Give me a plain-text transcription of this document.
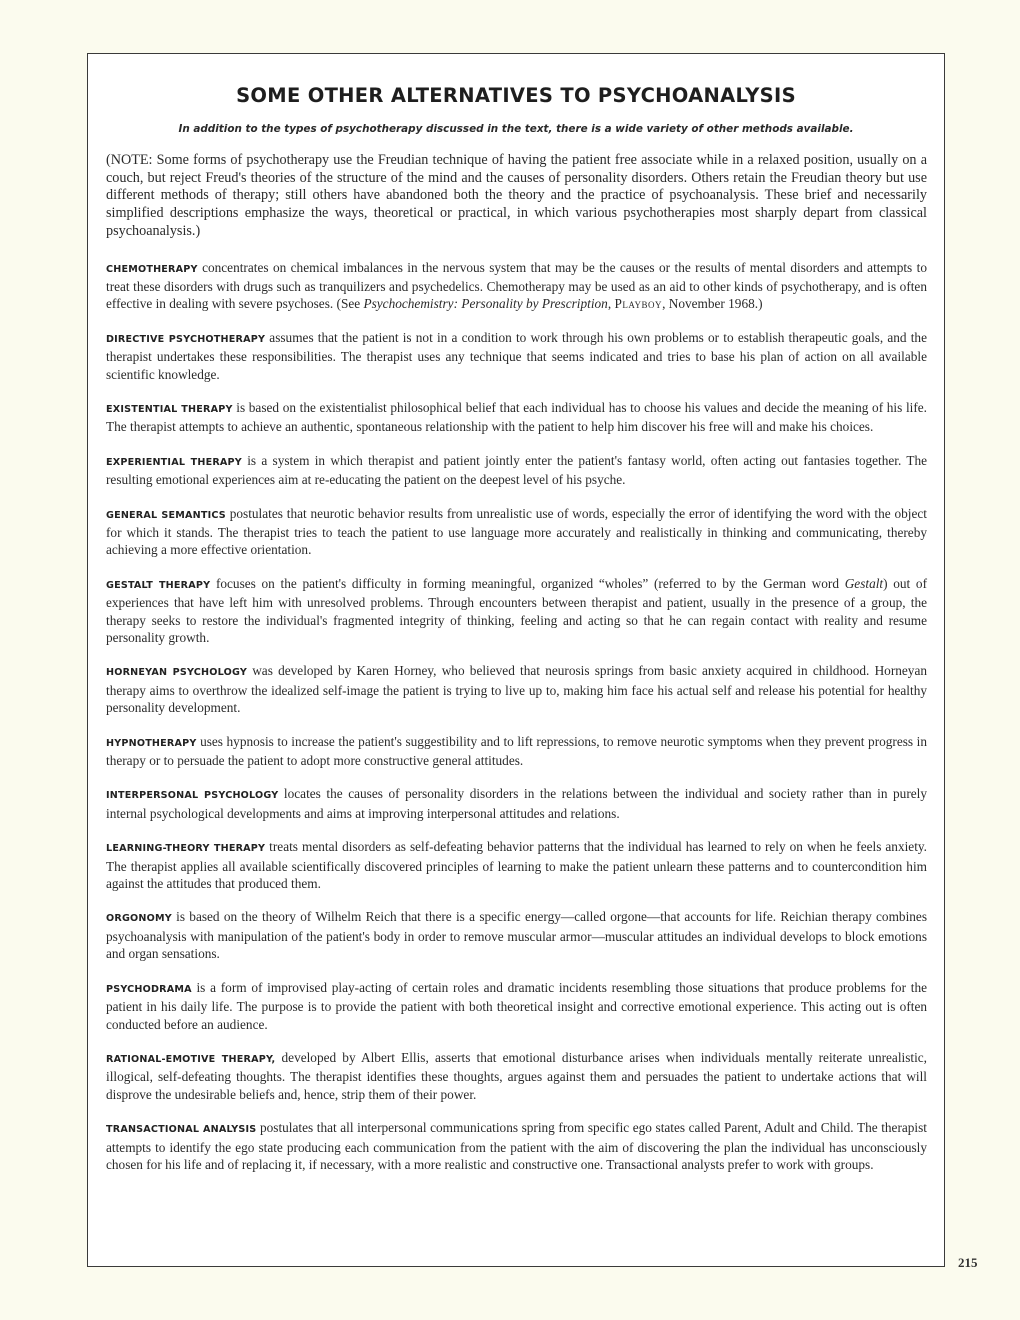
SOME OTHER ALTERNATIVES TO PSYCHOANALYSIS

In addition to the types of psychotherapy discussed in the text, there is a wide variety of other methods available.

(NOTE: Some forms of psychotherapy use the Freudian technique of having the patient free associate while in a relaxed position, usually on a couch, but reject Freud's theories of the structure of the mind and the causes of personality disorders. Others retain the Freudian theory but use different methods of therapy; still others have abandoned both the theory and the practice of psychoanalysis. These brief and necessarily simplified descriptions emphasize the ways, theoretical or practical, in which various psychotherapies most sharply depart from classical psychoanalysis.)

CHEMOTHERAPY concentrates on chemical imbalances in the nervous system that may be the causes or the results of mental disorders and attempts to treat these disorders with drugs such as tranquilizers and psychedelics. Chemotherapy may be used as an aid to other kinds of psychotherapy, and is often effective in dealing with severe psychoses. (See Psychochemistry: Personality by Prescription, Playboy, November 1968.)

DIRECTIVE PSYCHOTHERAPY assumes that the patient is not in a condition to work through his own problems or to establish therapeutic goals, and the therapist undertakes these responsibilities. The therapist uses any technique that seems indicated and tries to base his plan of action on all available scientific knowledge.

EXISTENTIAL THERAPY is based on the existentialist philosophical belief that each individual has to choose his values and decide the meaning of his life. The therapist attempts to achieve an authentic, spontaneous relationship with the patient to help him discover his free will and make his choices.

EXPERIENTIAL THERAPY is a system in which therapist and patient jointly enter the patient's fantasy world, often acting out fantasies together. The resulting emotional experiences aim at re-educating the patient on the deepest level of his psyche.

GENERAL SEMANTICS postulates that neurotic behavior results from unrealistic use of words, especially the error of identifying the word with the object for which it stands. The therapist tries to teach the patient to use language more accurately and realistically in thinking and communicating, thereby achieving a more effective orientation.

GESTALT THERAPY focuses on the patient's difficulty in forming meaningful, organized “wholes” (referred to by the German word Gestalt) out of experiences that have left him with unresolved problems. Through encounters between therapist and patient, usually in the presence of a group, the therapy seeks to restore the individual's fragmented integrity of thinking, feeling and acting so that he can regain contact with reality and resume personality growth.

HORNEYAN PSYCHOLOGY was developed by Karen Horney, who believed that neurosis springs from basic anxiety acquired in childhood. Horneyan therapy aims to overthrow the idealized self-image the patient is trying to live up to, making him face his actual self and release his potential for healthy personality development.

HYPNOTHERAPY uses hypnosis to increase the patient's suggestibility and to lift repressions, to remove neurotic symptoms when they prevent progress in therapy or to persuade the patient to adopt more constructive general attitudes.

INTERPERSONAL PSYCHOLOGY locates the causes of personality disorders in the relations between the individual and society rather than in purely internal psychological developments and aims at improving interpersonal attitudes and relations.

LEARNING-THEORY THERAPY treats mental disorders as self-defeating behavior patterns that the individual has learned to rely on when he feels anxiety. The therapist applies all available scientifically discovered principles of learning to make the patient unlearn these patterns and to countercondition him against the attitudes that produced them.

ORGONOMY is based on the theory of Wilhelm Reich that there is a specific energy—called orgone—that accounts for life. Reichian therapy combines psychoanalysis with manipulation of the patient's body in order to remove muscular armor—muscular attitudes an individual develops to block emotions and organ sensations.

PSYCHODRAMA is a form of improvised play-acting of certain roles and dramatic incidents resembling those situations that produce problems for the patient in his daily life. The purpose is to provide the patient with both theoretical insight and corrective emotional experience. This acting out is often conducted before an audience.

RATIONAL-EMOTIVE THERAPY, developed by Albert Ellis, asserts that emotional disturbance arises when individuals mentally reiterate unrealistic, illogical, self-defeating thoughts. The therapist identifies these thoughts, argues against them and persuades the patient to undertake actions that will disprove the undesirable beliefs and, hence, strip them of their power.

TRANSACTIONAL ANALYSIS postulates that all interpersonal communications spring from specific ego states called Parent, Adult and Child. The therapist attempts to identify the ego state producing each communication from the patient with the aim of discovering the plan the individual has unconsciously chosen for his life and of replacing it, if necessary, with a more realistic and constructive one. Transactional analysts prefer to work with groups.

215
